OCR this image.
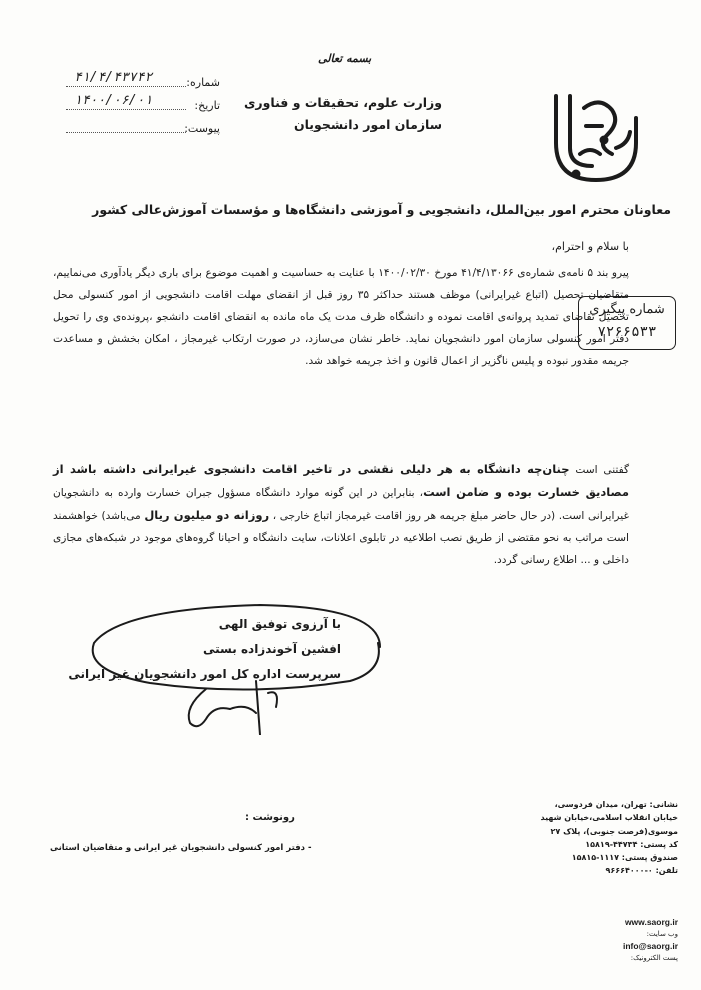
بسمه تعالی
وزارت علوم، تحقیقات و فناوری
سازمان امور دانشجویان
شماره:
۴۱/۴/۴۳۷۴۲
تاریخ:
۱۴۰۰/۰۶/۰۱
پیوست:
شماره پیگیری
۷۲۶۶۵۳۳
معاونان محترم امور بین‌الملل، دانشجویی و آموزشی دانشگاه‌ها و مؤسسات آموزش‌عالی کشور
با سلام و احترام،
پیرو بند ۵ نامه‌ی شماره‌ی ۴۱/۴/۱۳۰۶۶ مورخ ۱۴۰۰/۰۲/۳۰ با عنایت به حساسیت و اهمیت موضوع برای باری دیگر یادآوری می‌نماییم، متقاضیان تحصیل (اتباع غیرایرانی) موظف هستند حداکثر ۳۵ روز قبل از انقضای مهلت اقامت دانشجویی از امور کنسولی محل تحصیل تقاضای تمدید پروانه‌ی اقامت نموده و دانشگاه ظرف مدت یک ماه مانده به انقضای اقامت دانشجو ،پرونده‌ی وی را تحویل دفتر امور کنسولی سازمان امور دانشجویان نماید. خاطر نشان می‌سازد، در صورت ارتکاب غیرمجاز ، امکان بخشش و مساعدت جریمه مقدور نبوده و پلیس ناگزیر از اعمال قانون و اخذ جریمه خواهد شد.
گفتنی است چنان‌چه دانشگاه به هر دلیلی نقشی در تاخیر اقامت دانشجوی غیرایرانی داشته باشد از مصادیق خسارت بوده و ضامن است، بنابراین در این گونه موارد دانشگاه مسؤول جبران خسارت وارده به دانشجویان غیرایرانی است. (در حال حاضر مبلغ جریمه هر روز اقامت غیرمجاز اتباع خارجی ، روزانه دو میلیون ریال می‌باشد) خواهشمند است مراتب به نحو مقتضی از طریق نصب اطلاعیه در تابلوی اعلانات، سایت دانشگاه و احیانا گروه‌های موجود در شبکه‌های مجازی داخلی و ... اطلاع رسانی گردد.
با آرزوی توفیق الهی
افشین آخوندزاده بستی
سرپرست اداره کل امور دانشجویان غیر ایرانی
رونوشت :
- دفتر امور کنسولی دانشجویان غیر ایرانی و متقاضیان استانی
نشانی: تهران، میدان فردوسی،
خیابان انقلاب اسلامی،خیابان شهید
موسوی(فرصت جنوبی)، پلاک ۲۷
کد پستی: ۴۴۷۳۴-۱۵۸۱۹
صندوق پستی: ۱۱۱۷-۱۵۸۱۵
تلفن: ۰-۹۶۶۶۴۰۰۰
www.saorg.ir
وب سایت:
info@saorg.ir
پست الکترونیک:
